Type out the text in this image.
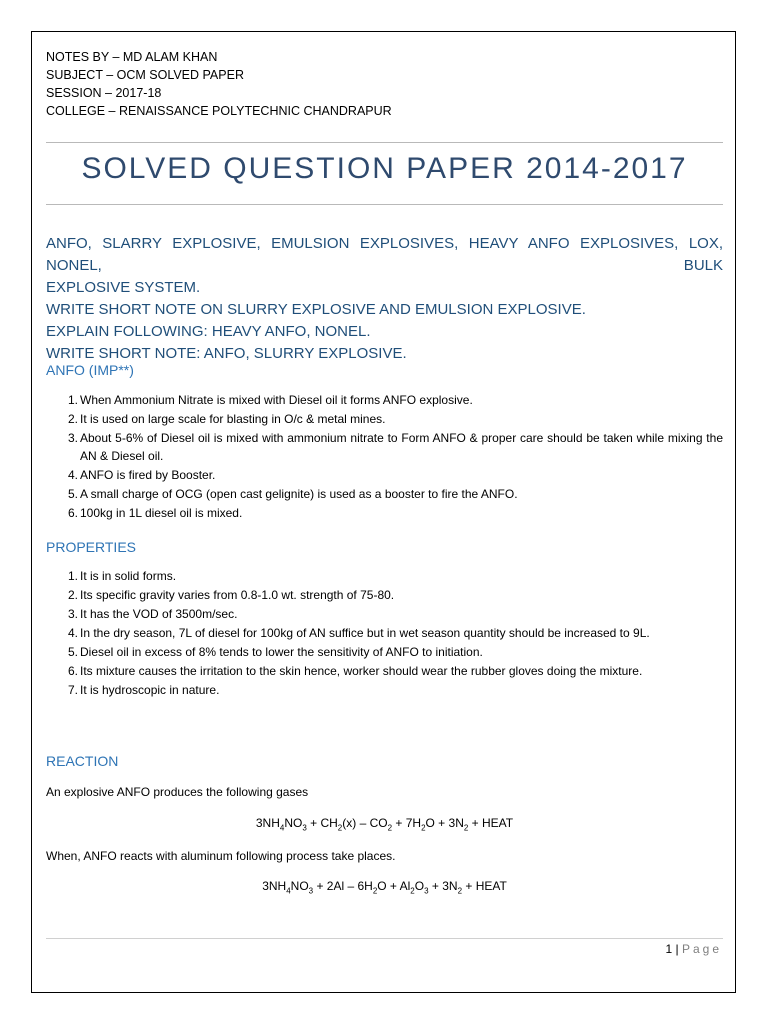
NOTES BY – MD ALAM KHAN
SUBJECT – OCM SOLVED PAPER
SESSION – 2017-18
COLLEGE – RENAISSANCE POLYTECHNIC CHANDRAPUR
SOLVED QUESTION PAPER 2014-2017
ANFO, SLARRY EXPLOSIVE, EMULSION EXPLOSIVES, HEAVY ANFO EXPLOSIVES, LOX, NONEL, BULK
EXPLOSIVE SYSTEM.
WRITE SHORT NOTE ON SLURRY EXPLOSIVE AND EMULSION EXPLOSIVE.
EXPLAIN FOLLOWING: HEAVY ANFO, NONEL.
WRITE SHORT NOTE: ANFO, SLURRY EXPLOSIVE.
ANFO (IMP**)
1. When Ammonium Nitrate is mixed with Diesel oil it forms ANFO explosive.
2. It is used on large scale for blasting in O/c & metal mines.
3. About 5-6% of Diesel oil is mixed with ammonium nitrate to Form ANFO & proper care should be taken while mixing the AN & Diesel oil.
4. ANFO is fired by Booster.
5. A small charge of OCG (open cast gelignite) is used as a booster to fire the ANFO.
6. 100kg in 1L diesel oil is mixed.
PROPERTIES
1. It is in solid forms.
2. Its specific gravity varies from 0.8-1.0 wt. strength of 75-80.
3. It has the VOD of 3500m/sec.
4. In the dry season, 7L of diesel for 100kg of AN suffice but in wet season quantity should be increased to 9L.
5. Diesel oil in excess of 8% tends to lower the sensitivity of ANFO to initiation.
6. Its mixture causes the irritation to the skin hence, worker should wear the rubber gloves doing the mixture.
7. It is hydroscopic in nature.
REACTION
An explosive ANFO produces the following gases
$3NH_4NO_3 + CH_2(x) - CO_2 + 7H_2O + 3N_2$ + HEAT
When, ANFO reacts with aluminum following process take places.
$3NH_4NO_3 + 2Al - 6H_2O + Al_2O_3 + 3N_2$ + HEAT
1 | Page
